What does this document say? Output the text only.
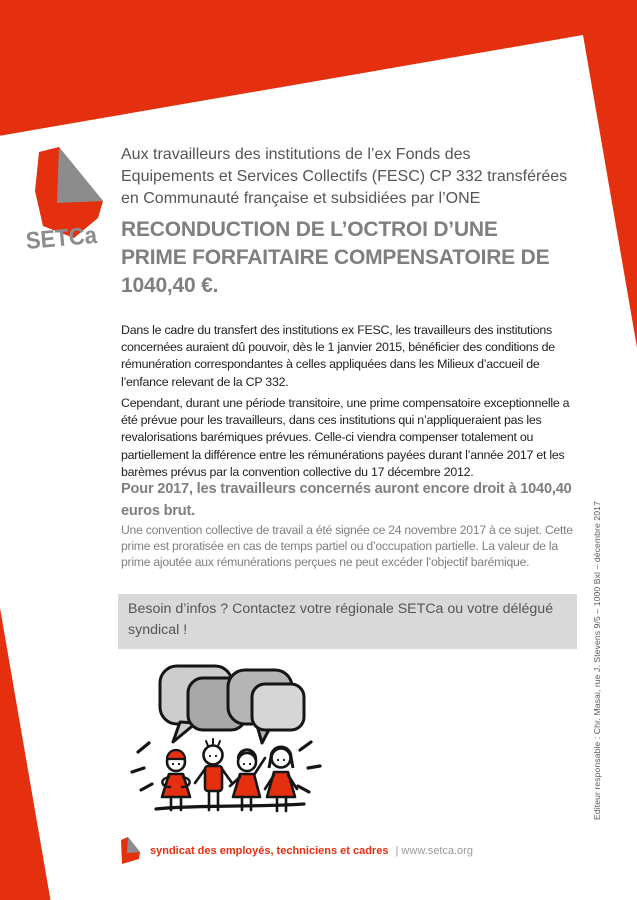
SETCa
Aux travailleurs des institutions de l’ex Fonds des
Equipements et Services Collectifs (FESC) CP 332 transférées
en Communauté française et subsidiées par l’ONE
RECONDUCTION DE L’OCTROI D’UNE
PRIME FORFAITAIRE COMPENSATOIRE DE
1040,40 €.
Dans le cadre du transfert des institutions ex FESC, les travailleurs des institutions concernées auraient dû pouvoir, dès le 1 janvier 2015, bénéficier des conditions de rémunération correspondantes à celles appliquées dans les Milieux d’accueil de l’enfance relevant de la CP 332.
Cependant, durant une période transitoire, une prime compensatoire exceptionnelle a été prévue pour les travailleurs, dans ces institutions qui n’appliqueraient pas les revalorisations barémiques prévues. Celle-ci viendra compenser totalement ou partiellement la différence entre les rémunérations payées durant l’année 2017 et les barèmes prévus par la convention collective du 17 décembre 2012.
Pour 2017, les travailleurs concernés auront encore droit à 1040,40 euros brut.
Une convention collective de travail a été signée ce 24 novembre 2017 à ce sujet. Cette prime est proratisée en cas de temps partiel ou d’occupation partielle. La valeur de la prime ajoutée aux rémunérations perçues ne peut excéder l’objectif barémique.
Besoin d’infos ? Contactez votre régionale SETCa ou votre délégué syndical !	Editeur responsable : Chr. Masai, rue J. Stevens 9/5 – 1000 Bxl – décembre 2017
syndicat des employés, techniciens et cadres | www.setca.org
